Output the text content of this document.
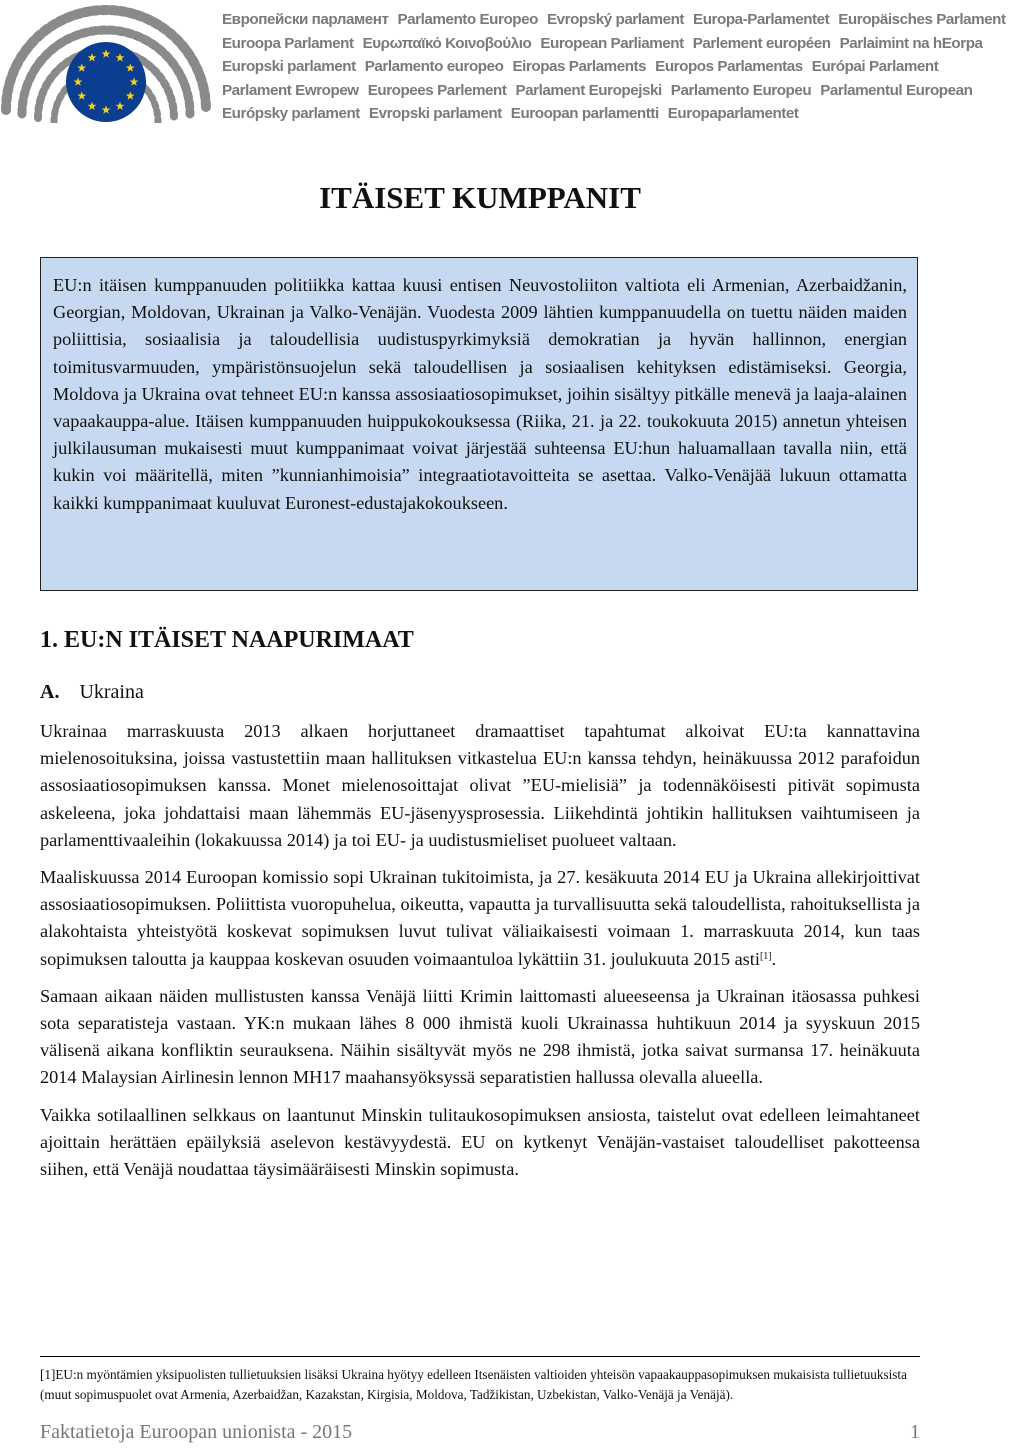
Европейски парламент Parlamento Europeo Evropský parlament Europa-Parlamentet Europäisches Parlament
Euroopa Parlament Ευρωπαϊκό Κοινοβούλιο European Parliament Parlement européen Parlaimint na hEorpa
Europski parlament Parlamento europeo Eiropas Parlaments Europos Parlamentas Európai Parlament
Parlament Ewropew Europees Parlement Parlament Europejski Parlamento Europeu Parlamentul European
Európsky parlament Evropski parlament Euroopan parlamentti Europaparlamentet
ITÄISET KUMPPANIT
EU:n itäisen kumppanuuden politiikka kattaa kuusi entisen Neuvostoliiton valtiota eli Armenian, Azerbaidžanin, Georgian, Moldovan, Ukrainan ja Valko-Venäjän. Vuodesta 2009 lähtien kumppanuudella on tuettu näiden maiden poliittisia, sosiaalisia ja taloudellisia uudistuspyrkimyksiä demokratian ja hyvän hallinnon, energian toimitusvarmuuden, ympäristönsuojelun sekä taloudellisen ja sosiaalisen kehityksen edistämiseksi. Georgia, Moldova ja Ukraina ovat tehneet EU:n kanssa assosiaatiosopimukset, joihin sisältyy pitkälle menevä ja laaja-alainen vapaakauppa-alue. Itäisen kumppanuuden huippukokouksessa (Riika, 21. ja 22. toukokuuta 2015) annetun yhteisen julkilausuman mukaisesti muut kumppanimaat voivat järjestää suhteensa EU:hun haluamallaan tavalla niin, että kukin voi määritellä, miten ”kunnianhimoisia” integraatiotavoitteita se asettaa. Valko-Venäjää lukuun ottamatta kaikki kumppanimaat kuuluvat Euronest-edustajakokoukseen.
1. EU:N ITÄISET NAAPURIMAAT
A. Ukraina

Ukrainaa marraskuusta 2013 alkaen horjuttaneet dramaattiset tapahtumat alkoivat EU:ta kannattavina mielenosoituksina, joissa vastustettiin maan hallituksen vitkastelua EU:n kanssa tehdyn, heinäkuussa 2012 parafoidun assosiaatiosopimuksen kanssa. Monet mielenosoittajat olivat ”EU-mielisiä” ja todennäköisesti pitivät sopimusta askeleena, joka johdattaisi maan lähemmäs EU-jäsenyysprosessia. Liikehdintä johtikin hallituksen vaihtumiseen ja parlamenttivaaleihin (lokakuussa 2014) ja toi EU- ja uudistusmieliset puolueet valtaan.

Maaliskuussa 2014 Euroopan komissio sopi Ukrainan tukitoimista, ja 27. kesäkuuta 2014 EU ja Ukraina allekirjoittivat assosiaatiosopimuksen. Poliittista vuoropuhelua, oikeutta, vapautta ja turvallisuutta sekä taloudellista, rahoituksellista ja alakohtaista yhteistyötä koskevat sopimuksen luvut tulivat väliaikaisesti voimaan 1. marraskuuta 2014, kun taas sopimuksen taloutta ja kauppaa koskevan osuuden voimaantuloa lykättiin 31. joulukuuta 2015 asti[1].

Samaan aikaan näiden mullistusten kanssa Venäjä liitti Krimin laittomasti alueeseensa ja Ukrainan itäosassa puhkesi sota separatisteja vastaan. YK:n mukaan lähes 8 000 ihmistä kuoli Ukrainassa huhtikuun 2014 ja syyskuun 2015 välisenä aikana konfliktin seurauksena. Näihin sisältyvät myös ne 298 ihmistä, jotka saivat surmansa 17. heinäkuuta 2014 Malaysian Airlinesin lennon MH17 maahansyöksyssä separatistien hallussa olevalla alueella.

Vaikka sotilaallinen selkkaus on laantunut Minskin tulitaukosopimuksen ansiosta, taistelut ovat edelleen leimahtaneet ajoittain herättäen epäilyksiä aselevon kestävyydestä. EU on kytkenyt Venäjän-vastaiset taloudelliset pakotteensa siihen, että Venäjä noudattaa täysimääräisesti Minskin sopimusta.

[1]EU:n myöntämien yksipuolisten tullietuuksien lisäksi Ukraina hyötyy edelleen Itsenäisten valtioiden yhteisön vapaakauppasopimuksen mukaisista tullietuuksista (muut sopimuspuolet ovat Armenia, Azerbaidžan, Kazakstan, Kirgisia, Moldova, Tadžikistan, Uzbekistan, Valko-Venäjä ja Venäjä).
Faktatietoja Euroopan unionista - 2015	1
